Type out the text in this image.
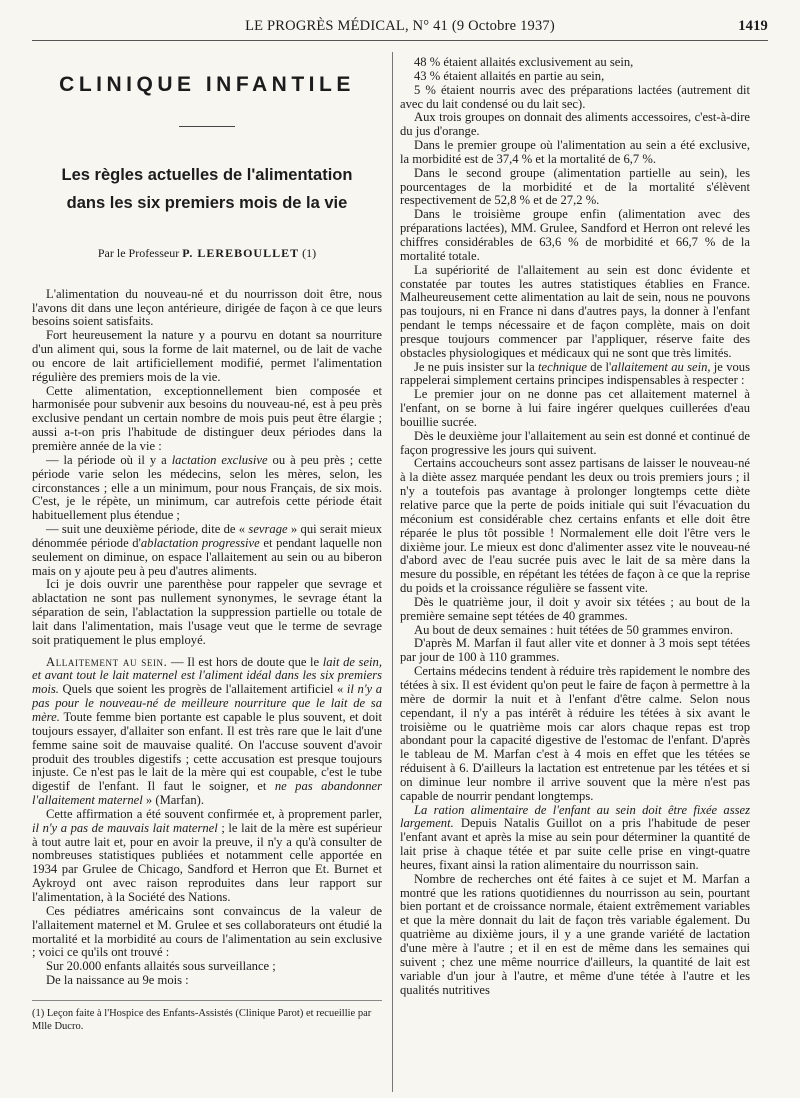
LE PROGRÈS MÉDICAL, N° 41 (9 Octobre 1937)	1419
CLINIQUE INFANTILE
Les règles actuelles de l'alimentation
dans les six premiers mois de la vie
Par le Professeur P. LEREBOULLET (1)

L'alimentation du nouveau-né et du nourrisson doit être, nous l'avons dit dans une leçon antérieure, dirigée de façon à ce que leurs besoins soient satisfaits.

Fort heureusement la nature y a pourvu en dotant sa nourriture d'un aliment qui, sous la forme de lait maternel, ou de lait de vache ou encore de lait artificiellement modifié, permet l'alimentation régulière des premiers mois de la vie.

Cette alimentation, exceptionnellement bien composée et harmonisée pour subvenir aux besoins du nouveau-né, est à peu près exclusive pendant un certain nombre de mois puis peut être élargie ; aussi a-t-on pris l'habitude de distinguer deux périodes dans la première année de la vie :

— la période où il y a lactation exclusive ou à peu près ; cette période varie selon les médecins, selon les mères, selon, les circonstances ; elle a un minimum, pour nous Français, de six mois. C'est, je le répète, un minimum, car autrefois cette période était habituellement plus étendue ;

— suit une deuxième période, dite de « sevrage » qui serait mieux dénommée période d'ablactation progressive et pendant laquelle non seulement on diminue, on espace l'allaitement au sein ou au biberon mais on y ajoute peu à peu d'autres aliments.

Ici je dois ouvrir une parenthèse pour rappeler que sevrage et ablactation ne sont pas nullement synonymes, le sevrage étant la séparation de sein, l'ablactation la suppression partielle ou totale de lait dans l'alimentation, mais l'usage veut que le terme de sevrage soit pratiquement le plus employé.

Allaitement au sein. — Il est hors de doute que le lait de sein, et avant tout le lait maternel est l'aliment idéal dans les six premiers mois. Quels que soient les progrès de l'allaitement artificiel « il n'y a pas pour le nouveau-né de meilleure nourriture que le lait de sa mère. Toute femme bien portante est capable le plus souvent, et doit toujours essayer, d'allaiter son enfant. Il est très rare que le lait d'une femme saine soit de mauvaise qualité. On l'accuse souvent d'avoir produit des troubles digestifs ; cette accusation est presque toujours injuste. Ce n'est pas le lait de la mère qui est coupable, c'est le tube digestif de l'enfant. Il faut le soigner, et ne pas abandonner l'allaitement maternel » (Marfan).

Cette affirmation a été souvent confirmée et, à proprement parler, il n'y a pas de mauvais lait maternel ; le lait de la mère est supérieur à tout autre lait et, pour en avoir la preuve, il n'y a qu'à consulter de nombreuses statistiques publiées et notamment celle apportée en 1934 par Grulee de Chicago, Sandford et Herron que Et. Burnet et Aykroyd ont avec raison reproduites dans leur rapport sur l'alimentation, à la Société des Nations.

Ces pédiatres américains sont convaincus de la valeur de l'allaitement maternel et M. Grulee et ses collaborateurs ont étudié la mortalité et la morbidité au cours de l'alimentation au sein exclusive ; voici ce qu'ils ont trouvé :

Sur 20.000 enfants allaités sous surveillance ;

De la naissance au 9e mois :

(1) Leçon faite à l'Hospice des Enfants-Assistés (Clinique Parot) et recueillie par Mlle Ducro.

48 % étaient allaités exclusivement au sein,

43 % étaient allaités en partie au sein,

5 % étaient nourris avec des préparations lactées (autrement dit avec du lait condensé ou du lait sec).

Aux trois groupes on donnait des aliments accessoires, c'est-à-dire du jus d'orange.

Dans le premier groupe où l'alimentation au sein a été exclusive, la morbidité est de 37,4 % et la mortalité de 6,7 %.

Dans le second groupe (alimentation partielle au sein), les pourcentages de la morbidité et de la mortalité s'élèvent respectivement de 52,8 % et de 27,2 %.

Dans le troisième groupe enfin (alimentation avec des préparations lactées), MM. Grulee, Sandford et Herron ont relevé les chiffres considérables de 63,6 % de morbidité et 66,7 % de la mortalité totale.

La supériorité de l'allaitement au sein est donc évidente et constatée par toutes les autres statistiques établies en France. Malheureusement cette alimentation au lait de sein, nous ne pouvons pas toujours, ni en France ni dans d'autres pays, la donner à l'enfant pendant le temps nécessaire et de façon complète, mais on doit presque toujours commencer par l'appliquer, réserve faite des obstacles physiologiques et médicaux qui ne sont que très limités.

Je ne puis insister sur la technique de l'allaitement au sein, je vous rappelerai simplement certains principes indispensables à respecter :

Le premier jour on ne donne pas cet allaitement maternel à l'enfant, on se borne à lui faire ingérer quelques cuillerées d'eau bouillie sucrée.

Dès le deuxième jour l'allaitement au sein est donné et continué de façon progressive les jours qui suivent.

Certains accoucheurs sont assez partisans de laisser le nouveau-né à la diète assez marquée pendant les deux ou trois premiers jours ; il n'y a toutefois pas avantage à prolonger longtemps cette diète relative parce que la perte de poids initiale qui suit l'évacuation du méconium est considérable chez certains enfants et elle doit être réparée le plus tôt possible ! Normalement elle doit l'être vers le dixième jour. Le mieux est donc d'alimenter assez vite le nouveau-né d'abord avec de l'eau sucrée puis avec le lait de sa mère dans la mesure du possible, en répétant les tétées de façon à ce que la reprise du poids et la croissance régulière se fassent vite.

Dès le quatrième jour, il doit y avoir six tétées ; au bout de la première semaine sept tétées de 40 grammes.

Au bout de deux semaines : huit tétées de 50 grammes environ.

D'après M. Marfan il faut aller vite et donner à 3 mois sept tétées par jour de 100 à 110 grammes.

Certains médecins tendent à réduire très rapidement le nombre des tétées à six. Il est évident qu'on peut le faire de façon à permettre à la mère de dormir la nuit et à l'enfant d'être calme. Selon nous cependant, il n'y a pas intérêt à réduire les tétées à six avant le troisième ou le quatrième mois car alors chaque repas est trop abondant pour la capacité digestive de l'estomac de l'enfant. D'après le tableau de M. Marfan c'est à 4 mois en effet que les tétées se réduisent à 6. D'ailleurs la lactation est entretenue par les tétées et si on diminue leur nombre il arrive souvent que la mère n'est pas capable de nourrir pendant longtemps.

La ration alimentaire de l'enfant au sein doit être fixée assez largement. Depuis Natalis Guillot on a pris l'habitude de peser l'enfant avant et après la mise au sein pour déterminer la quantité de lait prise à chaque tétée et par suite celle prise en vingt-quatre heures, fixant ainsi la ration alimentaire du nourrisson sain.

Nombre de recherches ont été faites à ce sujet et M. Marfan a montré que les rations quotidiennes du nourrisson au sein, pourtant bien portant et de croissance normale, étaient extrêmement variables et que la mère donnait du lait de façon très variable également. Du quatrième au dixième jours, il y a une grande variété de lactation d'une mère à l'autre ; et il en est de même dans les semaines qui suivent ; chez une même nourrice d'ailleurs, la quantité de lait est variable d'un jour à l'autre, et même d'une tétée à l'autre et les qualités nutritives
